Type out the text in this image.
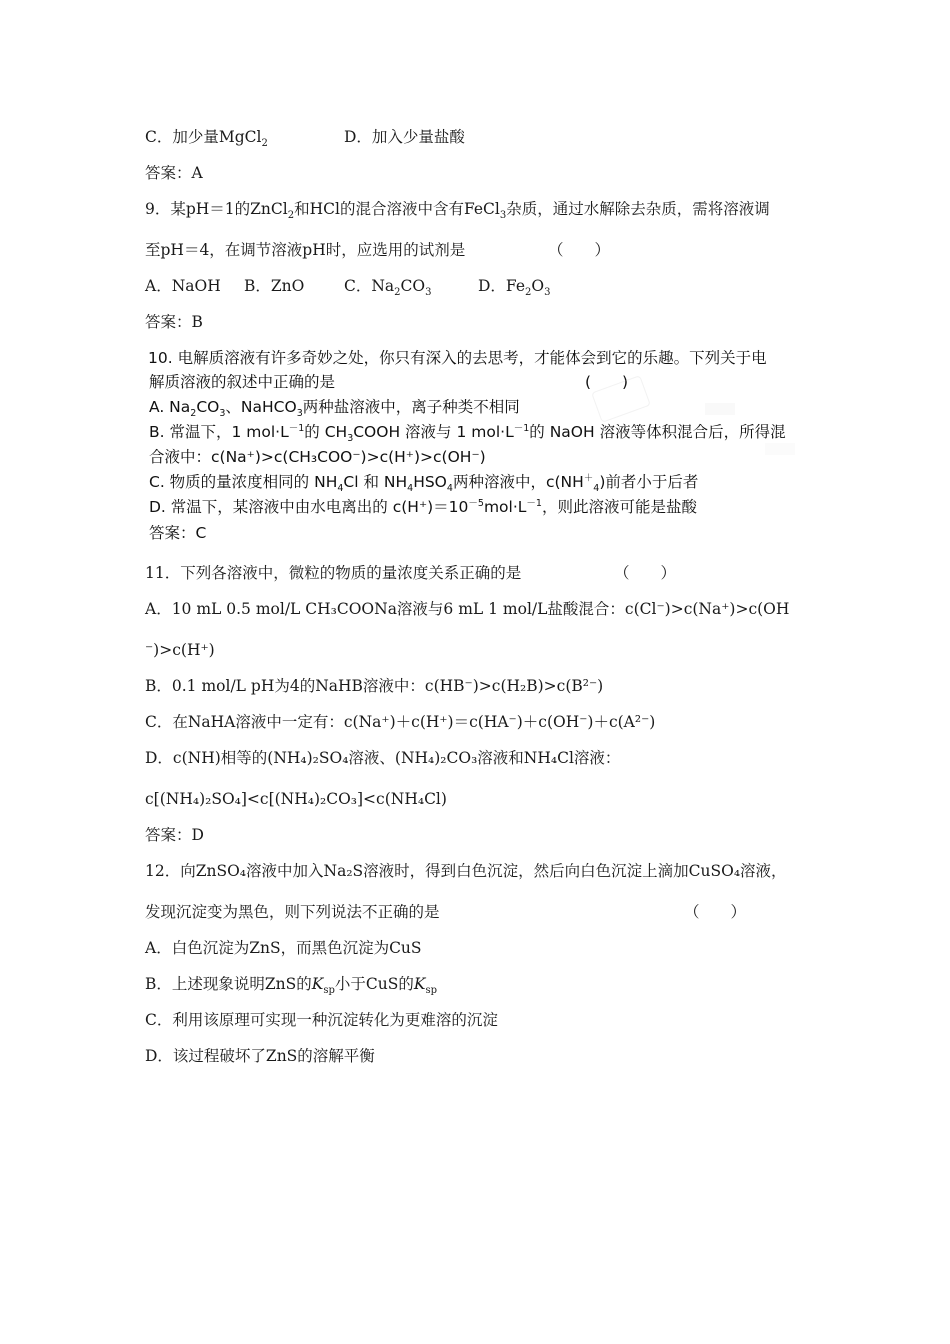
C．加少量MgCl$_2$	D．加入少量盐酸
答案：A
9．某pH＝1的ZnCl$_2$和HCl的混合溶液中含有FeCl$_3$杂质，通过水解除去杂质，需将溶液调
至pH＝4，在调节溶液pH时，应选用的试剂是	（　　）
A．NaOH B．ZnO	C．$Na_2CO_3$	D．$Fe_2O_3$
答案：B
10. 电解质溶液有许多奇妙之处，你只有深入的去思考，才能体会到它的乐趣。下列关于电
解质溶液的叙述中正确的是	(　　)
A. $Na_2CO_3$、NaHCO$_3$两种盐溶液中，离子种类不相同
B. 常温下，1 $mol\cdot L^{-1}$的 $CH_3COOH$ 溶液与 1 $mol\cdot L^{-1}$的 NaOH 溶液等体积混合后，所得混
合液中：c(Na⁺)>c(CH₃COO⁻)>c(H⁺)>c(OH⁻)
C. 物质的量浓度相同的 $NH_4Cl$ 和 $NH_4HSO_4$两种溶液中，$c(NH^+_4)$前者小于后者
D. 常温下，某溶液中由水电离出的 $c(H^+)=10^{-5}mol\cdot L^{-1}$，则此溶液可能是盐酸
答案：C
11．下列各溶液中，微粒的物质的量浓度关系正确的是	（　　）
A．10 mL 0.5 mol/L CH₃COONa溶液与6 mL 1 mol/L盐酸混合：c(Cl⁻)>c(Na⁺)>c(OH
⁻)>c(H⁺)
B．0.1 mol/L pH为4的NaHB溶液中：c(HB⁻)>c(H₂B)>c(B²⁻)
C．在NaHA溶液中一定有：c(Na⁺)＋c(H⁺)＝c(HA⁻)＋c(OH⁻)＋c(A²⁻)
D．c(NH)相等的(NH₄)₂SO₄溶液、(NH₄)₂CO₃溶液和NH₄Cl溶液：
c[(NH₄)₂SO₄]<c[(NH₄)₂CO₃]<c(NH₄Cl)
答案：D
12．向ZnSO₄溶液中加入Na₂S溶液时，得到白色沉淀，然后向白色沉淀上滴加CuSO₄溶液，
发现沉淀变为黑色，则下列说法不正确的是	（　　）
A．白色沉淀为ZnS，而黑色沉淀为CuS
B．上述现象说明ZnS的$K_{sp}$小于CuS的$K_{sp}$
C．利用该原理可实现一种沉淀转化为更难溶的沉淀
D．该过程破坏了ZnS的溶解平衡
